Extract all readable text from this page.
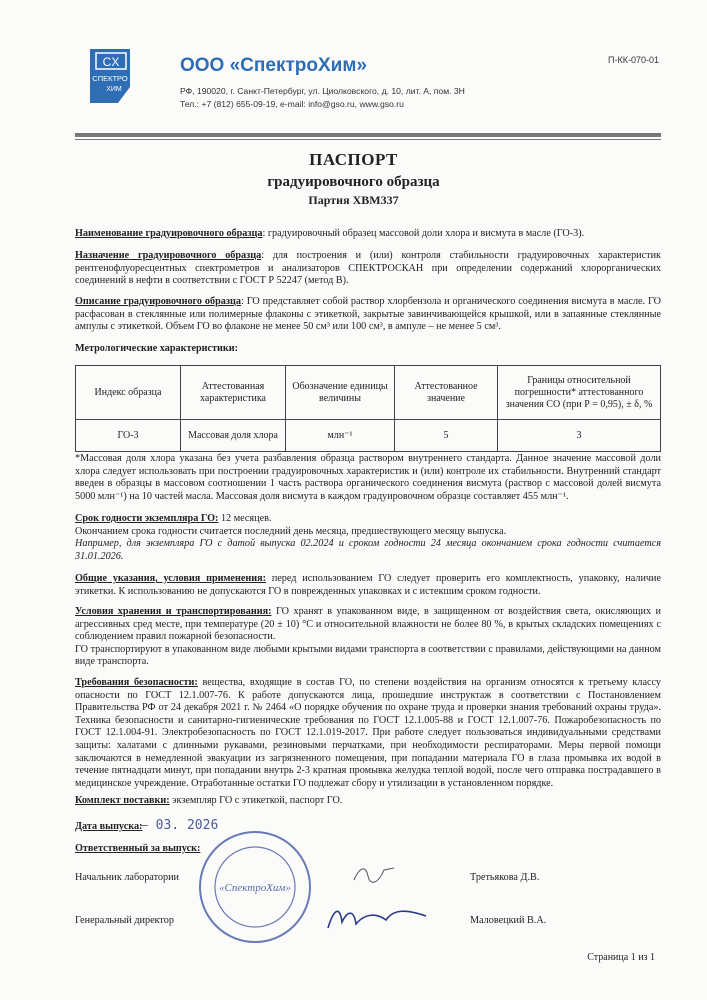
CX
СПЕКТРО
ХИМ
ООО «СпектроХим»
РФ, 190020, г. Санкт-Петербург, ул. Циолковского, д. 10, лит. А, пом. 3Н
Тел.: +7 (812) 655-09-19, e-mail: info@gso.ru, www.gso.ru
П-КК-070-01
ПАСПОРТ
градуировочного образца
Партия ХВМ337
Наименование градуировочного образца: градуировочный образец массовой доли хлора и висмута в масле (ГО-3).
Назначение градуировочного образца: для построения и (или) контроля стабильности градуировочных характеристик рентгенофлуоресцентных спектрометров и анализаторов СПЕКТРОСКАН при определении содержаний хлорорганических соединений в нефти в соответствии с ГОСТ Р 52247 (метод В).
Описание градуировочного образца: ГО представляет собой раствор хлорбензола и органического соединения висмута в масле. ГО расфасован в стеклянные или полимерные флаконы с этикеткой, закрытые завинчивающейся крышкой, или в запаянные стеклянные ампулы с этикеткой. Объем ГО во флаконе не менее 50 см³ или 100 см³, в ампуле – не менее 5 см³.
Метрологические характеристики:
Индекс образца	Аттестованная характеристика	Обозначение единицы величины	Аттестованное значение	Границы относительной погрешности* аттестованного значения СО (при Р = 0,95), ± δ, %
ГО-3	Массовая доля хлора	млн⁻¹	5	3
*Массовая доля хлора указана без учета разбавления образца раствором внутреннего стандарта. Данное значение массовой доли хлора следует использовать при построении градуировочных характеристик и (или) контроле их стабильности. Внутренний стандарт введен в образцы в массовом соотношении 1 часть раствора органического соединения висмута (раствор с массовой долей висмута 5000 млн⁻¹) на 10 частей масла. Массовая доля висмута в каждом градуировочном образце составляет 455 млн⁻¹.
Срок годности экземпляра ГО: 12 месяцев.
Окончанием срока годности считается последний день месяца, предшествующего месяцу выпуска.
Например, для экземпляра ГО с датой выпуска 02.2024 и сроком годности 24 месяца окончанием срока годности считается 31.01.2026.
Общие указания, условия применения: перед использованием ГО следует проверить его комплектность, упаковку, наличие этикетки. К использованию не допускаются ГО в поврежденных упаковках и с истекшим сроком годности.
Условия хранения и транспортирования: ГО хранят в упакованном виде, в защищенном от воздействия света, окисляющих и агрессивных сред месте, при температуре (20 ± 10) °С и относительной влажности не более 80 %, в крытых складских помещениях с соблюдением правил пожарной безопасности.
ГО транспортируют в упакованном виде любыми крытыми видами транспорта в соответствии с правилами, действующими на данном виде транспорта.
Требования безопасности: вещества, входящие в состав ГО, по степени воздействия на организм относятся к третьему классу опасности по ГОСТ 12.1.007-76. К работе допускаются лица, прошедшие инструктаж в соответствии с Постановлением Правительства РФ от 24 декабря 2021 г. № 2464 «О порядке обучения по охране труда и проверки знания требований охраны труда». Техника безопасности и санитарно-гигиенические требования по ГОСТ 12.1.005-88 и ГОСТ 12.1.007-76. Пожаробезопасность по ГОСТ 12.1.004-91. Электробезопасность по ГОСТ 12.1.019-2017. При работе следует пользоваться индивидуальными средствами защиты: халатами с длинными рукавами, резиновыми перчатками, при необходимости респираторами. Меры первой помощи заключаются в немедленной эвакуации из загрязненного помещения, при попадании материала ГО в глаза промывка их водой в течение пятнадцати минут, при попадании внутрь 2-3 кратная промывка желудка теплой водой, после чего отправка пострадавшего в медицинское учреждение. Отработанные остатки ГО подлежат сбору и утилизации в установленном порядке.
Комплект поставки: экземпляр ГО с этикеткой, паспорт ГО.
Дата выпуска:
– 03. 2026
Ответственный за выпуск:
«СпектроХим»
Начальник лаборатории	Третьякова Д.В.
Генеральный директор	Маловецкий В.А.
Страница 1 из 1
